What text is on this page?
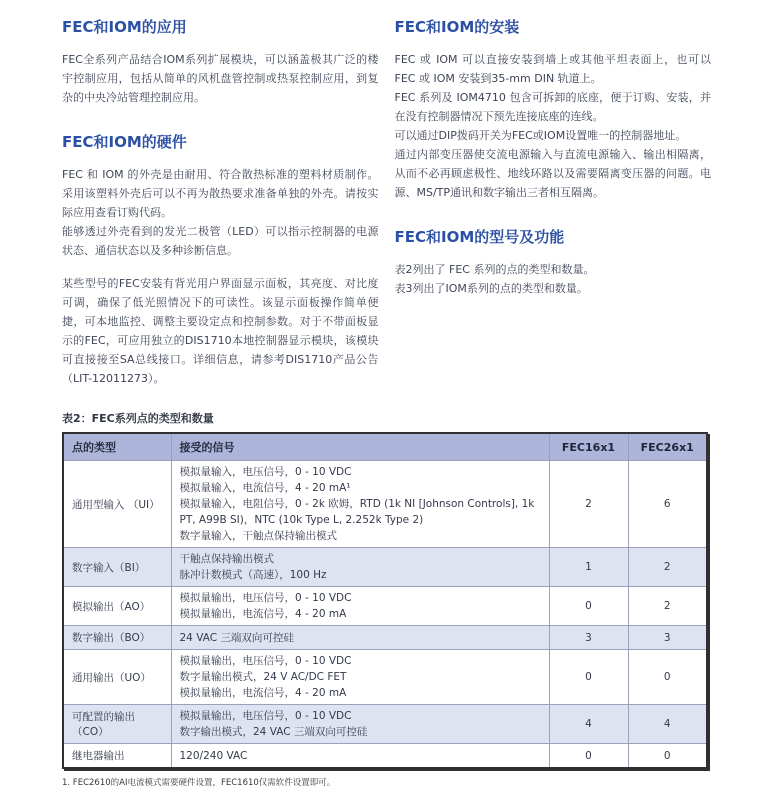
FEC和IOM的应用

FEC全系列产品结合IOM系列扩展模块，可以涵盖极其广泛的楼宇控制应用，包括从简单的风机盘管控制或热泵控制应用，到复杂的中央冷站管理控制应用。

FEC和IOM的硬件

FEC 和 IOM 的外壳是由耐用、符合散热标准的塑料材质制作。采用该塑料外壳后可以不再为散热要求准备单独的外壳。请按实际应用查看订购代码。

能够透过外壳看到的发光二极管（LED）可以指示控制器的电源状态、通信状态以及多种诊断信息。

某些型号的FEC安装有背光用户界面显示面板，其亮度、对比度可调，确保了低光照情况下的可读性。该显示面板操作简单便捷，可本地监控、调整主要设定点和控制参数。对于不带面板显示的FEC，可应用独立的DIS1710本地控制器显示模块，该模块可直接接至SA总线接口。详细信息，请参考DIS1710产品公告（LIT-12011273）。

FEC和IOM的安装

FEC 或 IOM 可以直接安装到墙上或其他平坦表面上，也可以 FEC 或 IOM 安装到35-mm DIN 轨道上。

FEC 系列及 IOM4710 包含可拆卸的底座，便于订购、安装，并在没有控制器情况下预先连接底座的连线。

可以通过DIP拨码开关为FEC或IOM设置唯一的控制器地址。

通过内部变压器使交流电源输入与直流电源输入、输出相隔离，从而不必再顾虑极性、地线环路以及需要隔离变压器的问题。电源、MS/TP通讯和数字输出三者相互隔离。

FEC和IOM的型号及功能

表2列出了 FEC 系列的点的类型和数量。

表3列出了IOM系列的点的类型和数量。

表2：FEC系列点的类型和数量
点的类型	接受的信号	FEC16x1	FEC26x1
通用型输入 （UI）	模拟量输入，电压信号，0 - 10 VDC
模拟量输入，电流信号，4 - 20 mA¹
模拟量输入，电阻信号，0 - 2k 欧姆，RTD (1k NI [Johnson Controls], 1k PT, A99B SI)，NTC (10k Type L, 2.252k Type 2)
数字量输入，干触点保持输出模式	2	6
数字输入（BI）	干触点保持输出模式
脉冲计数模式（高速），100 Hz	1	2
模拟输出（AO）	模拟量输出，电压信号，0 - 10 VDC
模拟量输出，电流信号，4 - 20 mA	0	2
数字输出（BO）	24 VAC 三端双向可控硅	3	3
通用输出（UO）	模拟量输出，电压信号，0 - 10 VDC
数字量输出模式，24 V AC/DC FET
模拟量输出，电流信号，4 - 20 mA	0	0
可配置的输出 （CO）	模拟量输出，电压信号，0 - 10 VDC
数字输出模式，24 VAC 三端双向可控硅	4	4
继电器输出	120/240 VAC	0	0
1. FEC2610的AI电流模式需要硬件设置，FEC1610仅需软件设置即可。
